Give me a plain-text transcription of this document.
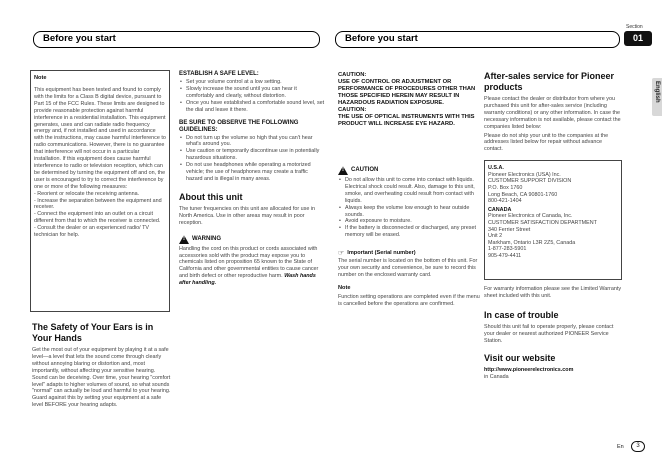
Section
01
Before you start	Before you start
English
Note

This equipment has been tested and found to comply with the limits for a Class B digital device, pursuant to Part 15 of the FCC Rules. These limits are designed to provide reasonable protection against harmful interference in a residential installation. This equipment generates, uses and can radiate radio frequency energy and, if not installed and used in accordance with the instructions, may cause harmful interference to radio communications. However, there is no guarantee that interference will not occur in a particular installation. If this equipment does cause harmful interference to radio or television reception, which can be determined by turning the equipment off and on, the user is encouraged to try to correct the interference by one or more of the following measures:

- Reorient or relocate the receiving antenna.

- Increase the separation between the equipment and receiver.

- Connect the equipment into an outlet on a circuit different from that to which the receiver is connected.

- Consult the dealer or an experienced radio/ TV technician for help.

The Safety of Your Ears is in Your Hands

Get the most out of your equipment by playing it at a safe level—a level that lets the sound come through clearly without annoying blaring or distortion and, most importantly, without affecting your sensitive hearing. Sound can be deceiving. Over time, your hearing "comfort level" adapts to higher volumes of sound, so what sounds "normal" can actually be loud and harmful to your hearing. Guard against this by setting your equipment at a safe level BEFORE your hearing adapts.

ESTABLISH A SAFE LEVEL:
• Set your volume control at a low setting.
• Slowly increase the sound until you can hear it comfortably and clearly, without distortion.
• Once you have established a comfortable sound level, set the dial and leave it there.
BE SURE TO OBSERVE THE FOLLOWING GUIDELINES:
• Do not turn up the volume so high that you can't hear what's around you.
• Use caution or temporarily discontinue use in potentially hazardous situations.
• Do not use headphones while operating a motorized vehicle; the use of headphones may create a traffic hazard and is illegal in many areas.
About this unit

The tuner frequencies on this unit are allocated for use in North America. Use in other areas may result in poor reception.

!
WARNING

Handling the cord on this product or cords associated with accessories sold with the product may expose you to chemicals listed on proposition 65 known to the State of California and other governmental entities to cause cancer and birth defect or other reproductive harm. Wash hands after handling.

CAUTION:
USE OF CONTROL OR ADJUSTMENT OR PERFORMANCE OF PROCEDURES OTHER THAN THOSE SPECIFIED HEREIN MAY RESULT IN HAZARDOUS RADIATION EXPOSURE.
CAUTION:
THE USE OF OPTICAL INSTRUMENTS WITH THIS PRODUCT WILL INCREASE EYE HAZARD.
!
CAUTION
• Do not allow this unit to come into contact with liquids. Electrical shock could result. Also, damage to this unit, smoke, and overheating could result from contact with liquids.
• Always keep the volume low enough to hear outside sounds.
• Avoid exposure to moisture.
• If the battery is disconnected or discharged, any preset memory will be erased.
☞ Important (Serial number)

The serial number is located on the bottom of this unit. For your own security and convenience, be sure to record this number on the enclosed warranty card.

Note

Function setting operations are completed even if the menu is cancelled before the operations are confirmed.

After-sales service for Pioneer products

Please contact the dealer or distributor from where you purchased this unit for after-sales service (including warranty conditions) or any other information. In case the necessary information is not available, please contact the companies listed below:

Please do not ship your unit to the companies at the addresses listed below for repair without advance contact.

U.S.A.
Pioneer Electronics (USA) Inc.
CUSTOMER SUPPORT DIVISION
P.O. Box 1760
Long Beach, CA 90801-1760
800-421-1404
CANADA
Pioneer Electronics of Canada, Inc.
CUSTOMER SATISFACTION DEPARTMENT
340 Ferrier Street
Unit 2
Markham, Ontario L3R 2Z5, Canada
1-877-283-5901
905-479-4411

For warranty information please see the Limited Warranty sheet included with this unit.

In case of trouble

Should this unit fail to operate properly, please contact your dealer or nearest authorized PIONEER Service Station.

Visit our website

http://www.pioneerelectronics.com

in Canada

En	3
